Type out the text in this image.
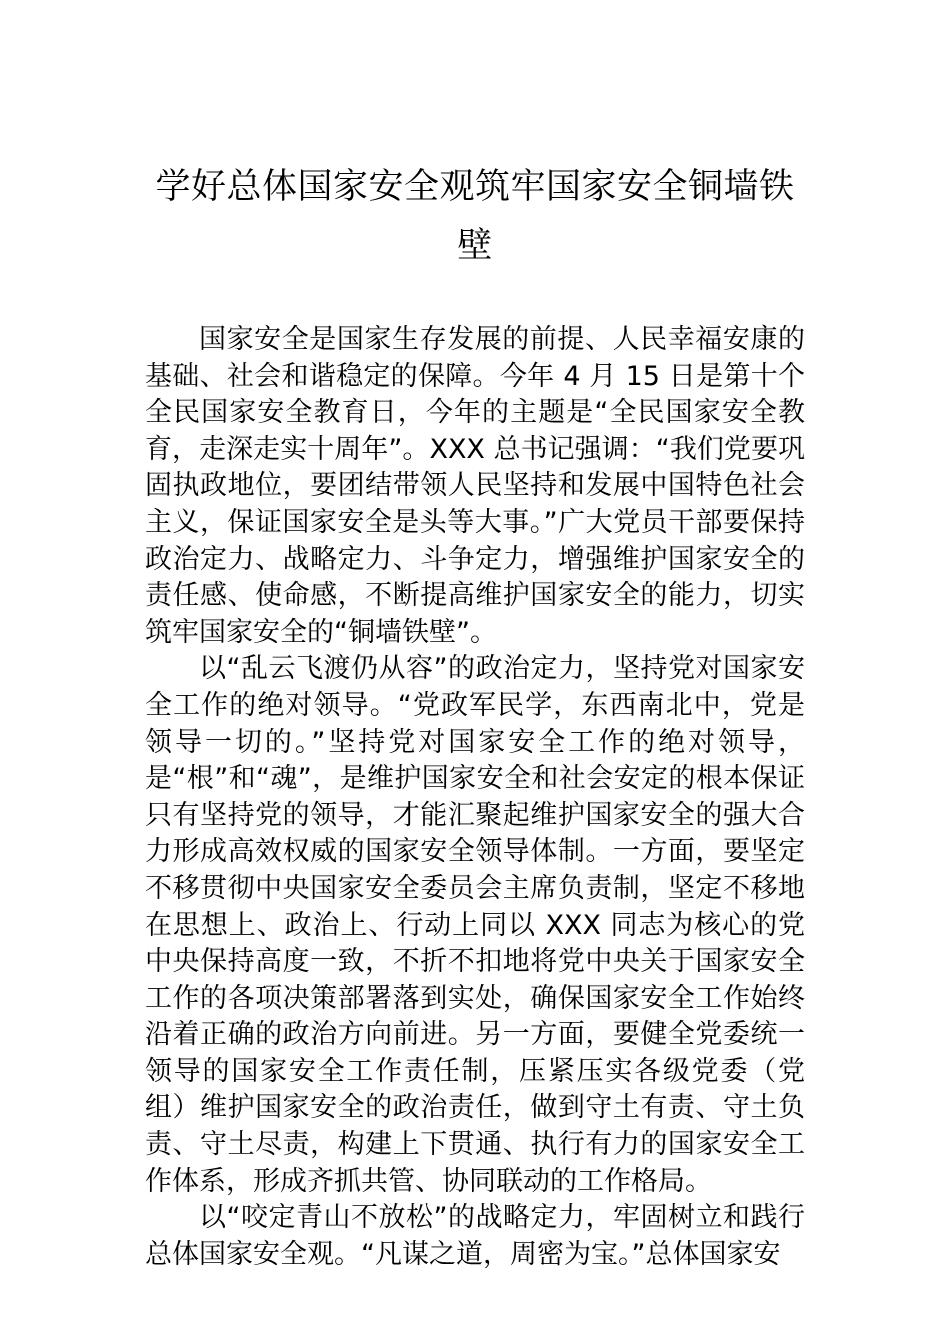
学好总体国家安全观筑牢国家安全铜墙铁壁

国家安全是国家生存发展的前提、人民幸福安康的基础、社会和谐稳定的保障。今年 4 月 15 日是第十个全民国家安全教育日，今年的主题是“全民国家安全教育，走深走实十周年”。XXX 总书记强调：“我们党要巩固执政地位，要团结带领人民坚持和发展中国特色社会主义，保证国家安全是头等大事。”广大党员干部要保持政治定力、战略定力、斗争定力，增强维护国家安全的责任感、使命感，不断提高维护国家安全的能力，切实筑牢国家安全的“铜墙铁壁”。

以“乱云飞渡仍从容”的政治定力，坚持党对国家安全工作的绝对领导。“党政军民学，东西南北中，党是领导一切的。”坚持党对国家安全工作的绝对领导，是“根”和“魂”，是维护国家安全和社会安定的根本保证只有坚持党的领导，才能汇聚起维护国家安全的强大合力形成高效权威的国家安全领导体制。一方面，要坚定不移贯彻中央国家安全委员会主席负责制，坚定不移地在思想上、政治上、行动上同以 XXX 同志为核心的党中央保持高度一致，不折不扣地将党中央关于国家安全工作的各项决策部署落到实处，确保国家安全工作始终沿着正确的政治方向前进。另一方面，要健全党委统一领导的国家安全工作责任制，压紧压实各级党委（党组）维护国家安全的政治责任，做到守土有责、守土负责、守土尽责，构建上下贯通、执行有力的国家安全工作体系，形成齐抓共管、协同联动的工作格局。

以“咬定青山不放松”的战略定力，牢固树立和践行总体国家安全观。“凡谋之道，周密为宝。”总体国家安
